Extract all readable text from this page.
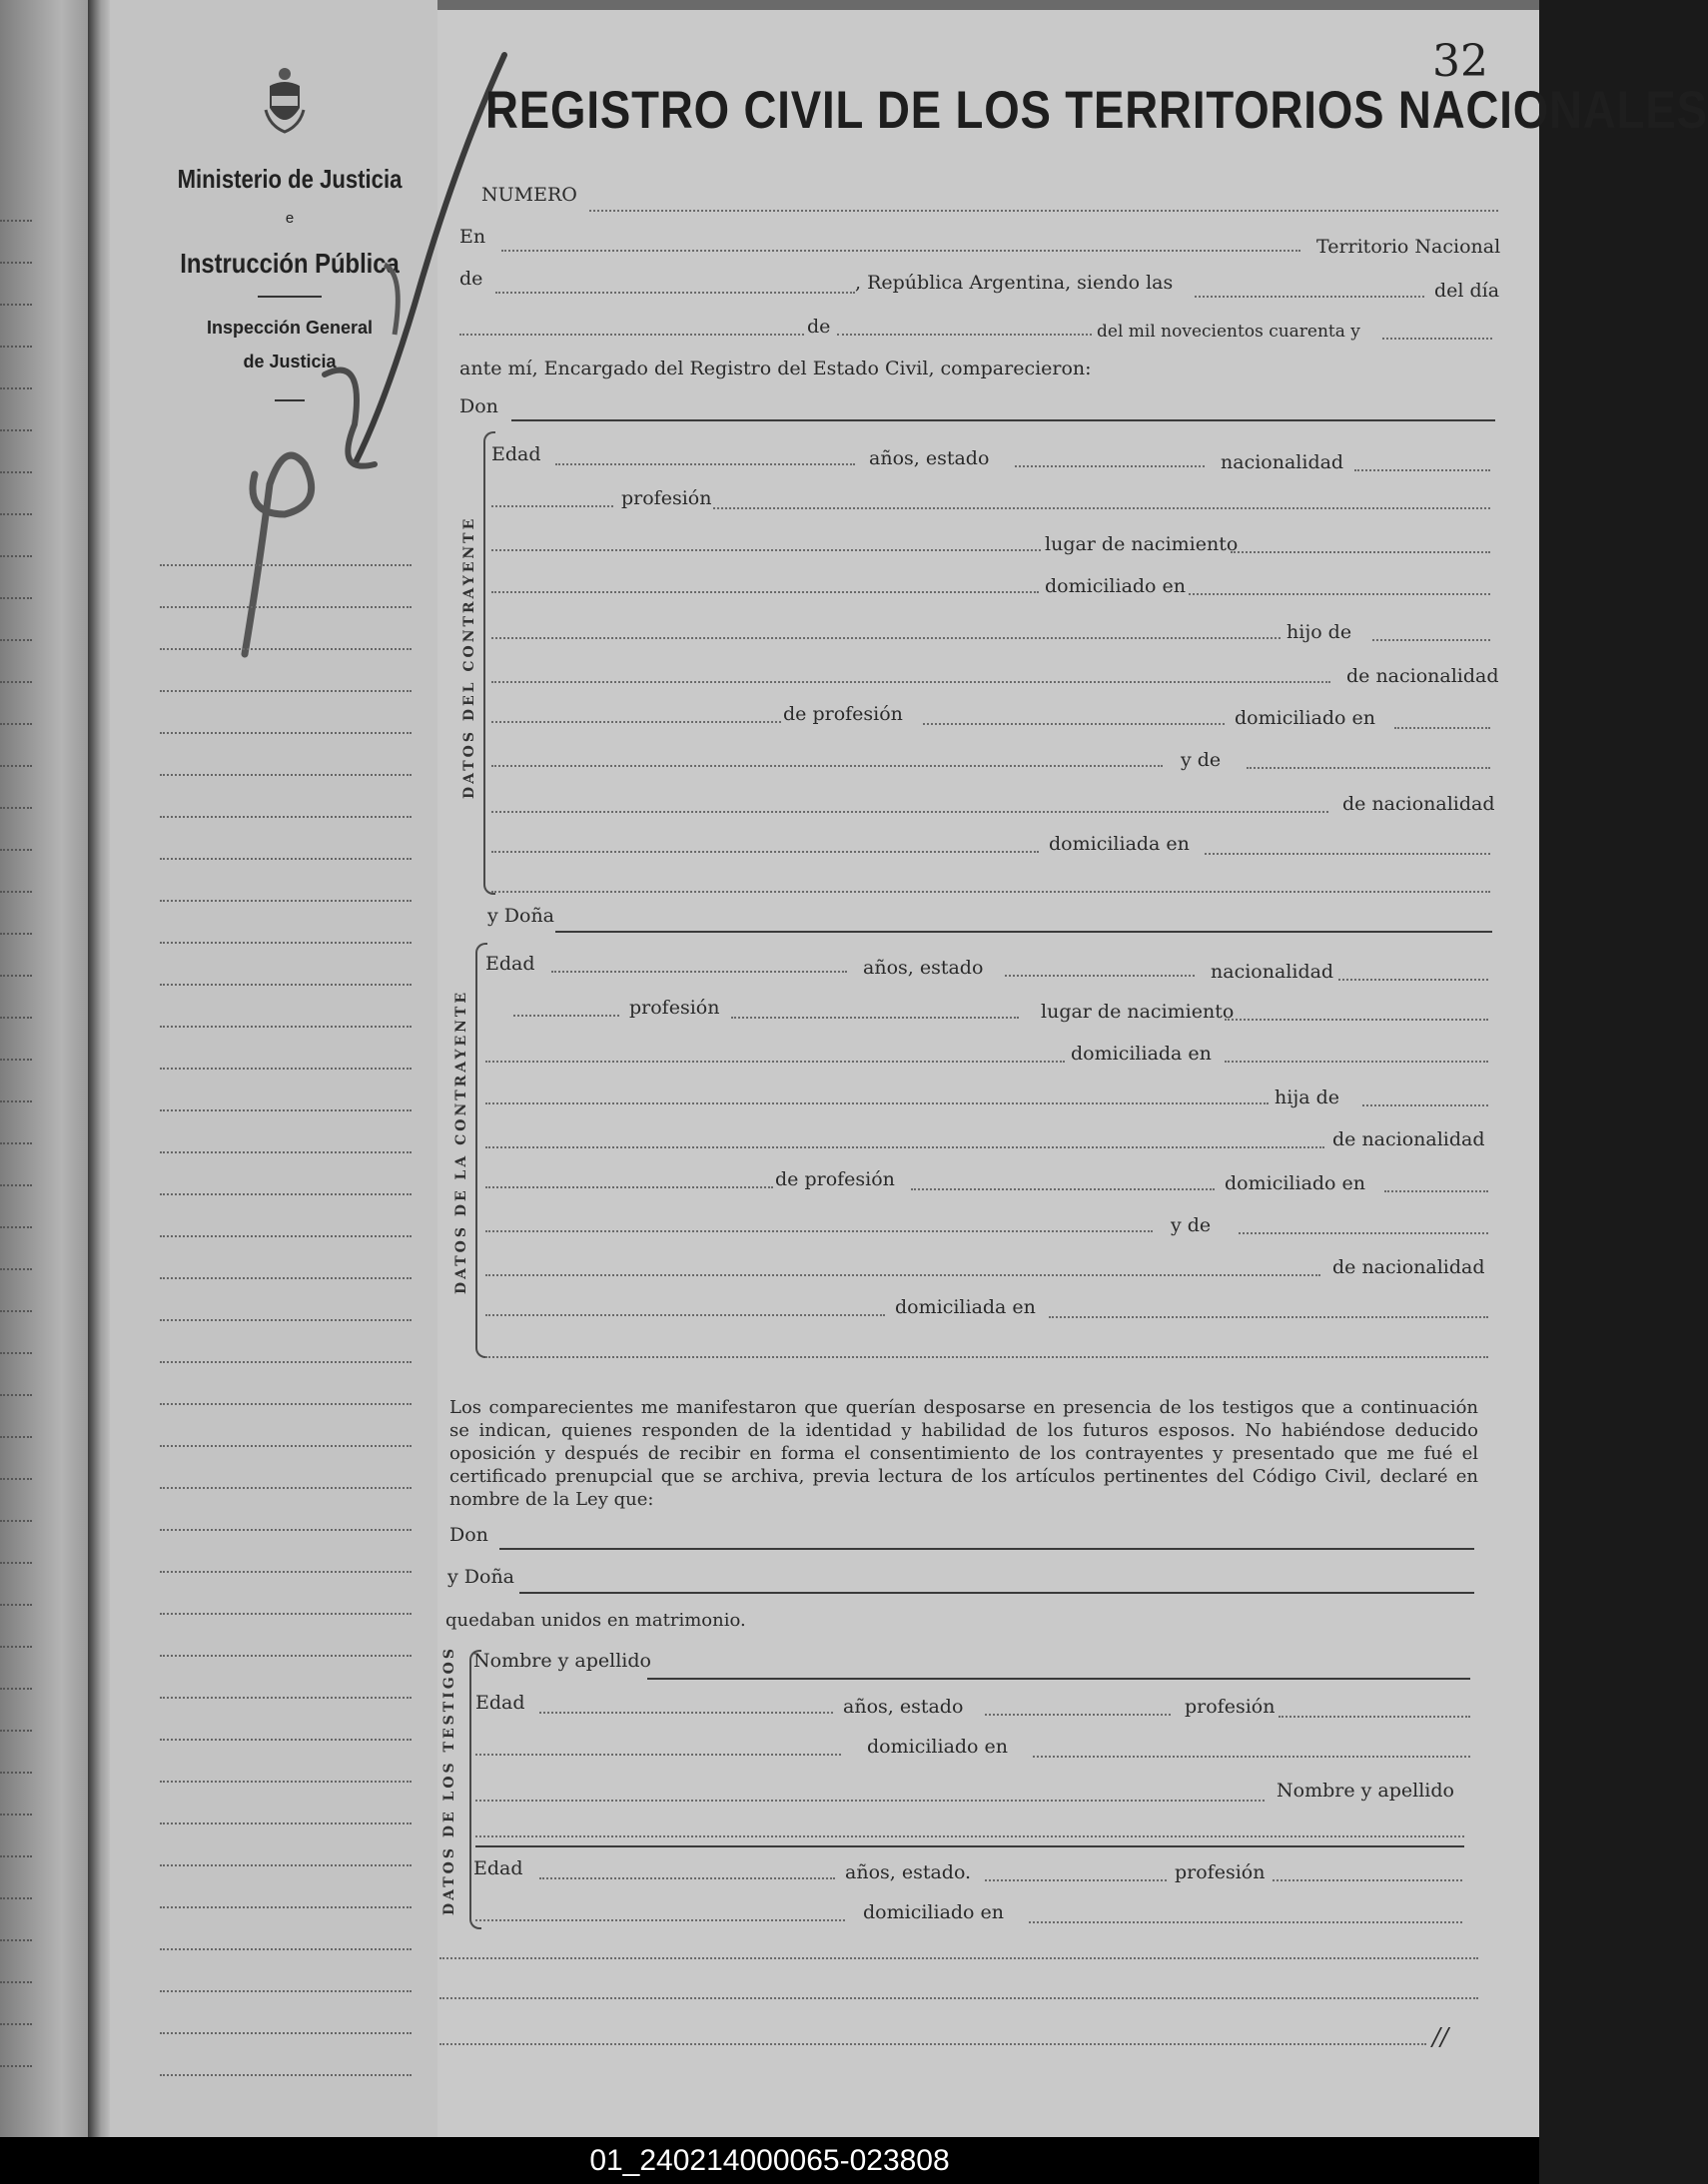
Ministerio de Justicia
e
Instrucción Pública
Inspección General
de Justicia
32
REGISTRO CIVIL DE LOS TERRITORIOS NACIONALES
NUMERO
En	Territorio Nacional
de	, República Argentina, siendo las	del día
de	del mil novecientos cuarenta y
ante mí, Encargado del Registro del Estado Civil, comparecieron:
Don
DATOS DEL CONTRAYENTE
Edad	años, estado	nacionalidad
profesión
lugar de nacimiento
domiciliado en
hijo de
de nacionalidad
de profesión	domiciliado en
y de
de nacionalidad
domiciliada en
y Doña
DATOS DE LA CONTRAYENTE
Edad	años, estado	nacionalidad
profesión	lugar de nacimiento
domiciliada en
hija de
de nacionalidad
de profesión	domiciliado en
y de
de nacionalidad
domiciliada en
Los comparecientes me manifestaron que querían desposarse en presencia de los testigos que a continuación se indican, quienes responden de la identidad y habilidad de los futuros esposos. No habiéndose deducido oposición y después de recibir en forma el consentimiento de los contrayentes y presentado que me fué el certificado prenupcial que se archiva, previa lectura de los artículos pertinentes del Código Civil, declaré en nombre de la Ley que:
Don
y Doña
quedaban unidos en matrimonio.
DATOS DE LOS TESTIGOS Nombre y apellido
Edad	años, estado	profesión
domiciliado en
Nombre y apellido
Edad	años, estado.	profesión
domiciliado en
//
01_240214000065-023808
